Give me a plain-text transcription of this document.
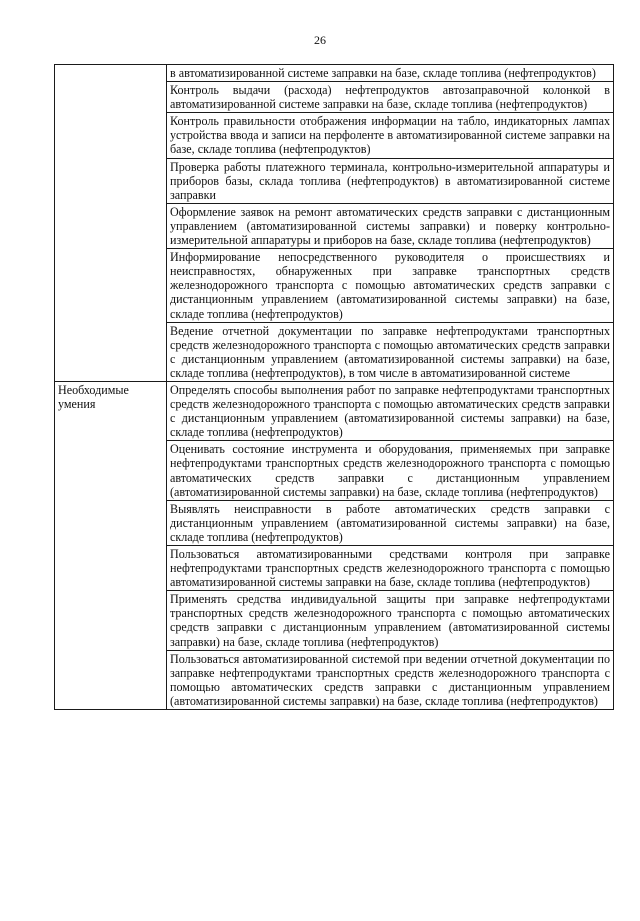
26
	в автоматизированной системе заправки на базе, складе топлива (нефтепродуктов)
	Контроль выдачи (расхода) нефтепродуктов автозаправочной колонкой в автоматизированной системе заправки на базе, складе топлива (нефтепродуктов)
	Контроль правильности отображения информации на табло, индикаторных лампах устройства ввода и записи на перфоленте в автоматизированной системе заправки на базе, складе топлива (нефтепродуктов)
	Проверка работы платежного терминала, контрольно-измерительной аппаратуры и приборов базы, склада топлива (нефтепродуктов) в автоматизированной системе заправки
	Оформление заявок на ремонт автоматических средств заправки с дистанционным управлением (автоматизированной системы заправки) и поверку контрольно-измерительной аппаратуры и приборов на базе, складе топлива (нефтепродуктов)
	Информирование непосредственного руководителя о происшествиях и неисправностях, обнаруженных при заправке транспортных средств железнодорожного транспорта с помощью автоматических средств заправки с дистанционным управлением (автоматизированной системы заправки) на базе, складе топлива (нефтепродуктов)
	Ведение отчетной документации по заправке нефтепродуктами транспортных средств железнодорожного транспорта с помощью автоматических средств заправки с дистанционным управлением (автоматизированной системы заправки) на базе, складе топлива (нефтепродуктов), в том числе в автоматизированной системе

Необходимые умения	Определять способы выполнения работ по заправке нефтепродуктами транспортных средств железнодорожного транспорта с помощью автоматических средств заправки с дистанционным управлением (автоматизированной системы заправки) на базе, складе топлива (нефтепродуктов)
	Оценивать состояние инструмента и оборудования, применяемых при заправке нефтепродуктами транспортных средств железнодорожного транспорта с помощью автоматических средств заправки с дистанционным управлением (автоматизированной системы заправки) на базе, складе топлива (нефтепродуктов)
	Выявлять неисправности в работе автоматических средств заправки с дистанционным управлением (автоматизированной системы заправки) на базе, складе топлива (нефтепродуктов)
	Пользоваться автоматизированными средствами контроля при заправке нефтепродуктами транспортных средств железнодорожного транспорта с помощью автоматизированной системы заправки на базе, складе топлива (нефтепродуктов)
	Применять средства индивидуальной защиты при заправке нефтепродуктами транспортных средств железнодорожного транспорта с помощью автоматических средств заправки с дистанционным управлением (автоматизированной системы заправки) на базе, складе топлива (нефтепродуктов)
	Пользоваться автоматизированной системой при ведении отчетной документации по заправке нефтепродуктами транспортных средств железнодорожного транспорта с помощью автоматических средств заправки с дистанционным управлением (автоматизированной системы заправки) на базе, складе топлива (нефтепродуктов)
